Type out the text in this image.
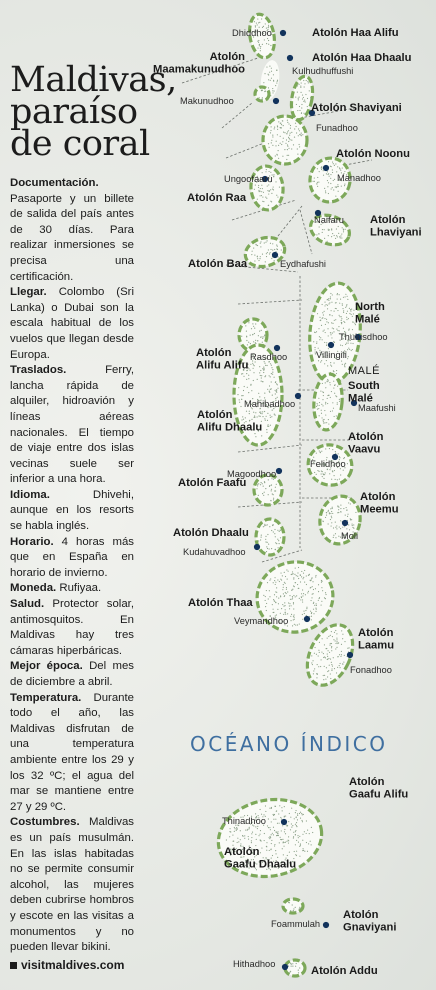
Maldivas,
paraíso
de coral

Documentación. Pasaporte y un billete de salida del país antes de 30 días. Para realizar inmersiones se precisa una certificación.

Llegar. Colombo (Sri Lanka) o Dubai son la escala habitual de los vuelos que llegan desde Europa.

Traslados. Ferry, lancha rápida de alquiler, hidroavión y líneas aéreas nacionales. El tiempo de viaje entre dos islas vecinas suele ser inferior a una hora.

Idioma. Dhivehi, aunque en los resorts se habla inglés.

Horario. 4 horas más que en España en horario de invierno.

Moneda. Rufiyaa.

Salud. Protector solar, antimosquitos. En Maldivas hay tres cámaras hiperbáricas.

Mejor época. Del mes de diciembre a abril.

Temperatura. Durante todo el año, las Maldivas disfrutan de una temperatura ambiente entre los 29 y los 32 ºC; el agua del mar se mantiene entre 27 y 29 ºC.

Costumbres. Maldivas es un país musulmán. En las islas habitadas no se permite consumir alcohol, las mujeres deben cubrirse hombros y escote en las visitas a monumentos y no pueden llevar bikini.

visitmaldives.com

Dhiddhoo
Kulhudhuffushi
Makunudhoo
Funadhoo
Ungoofaaru	Manadhoo
Naifaru
Eydhafushi
Thulusdhoo
Rasdhoo	Villingili
Mahibadhoo	Maafushi
Felidhoo
Magoodhoo
Kudahuvadhoo
Moli
Veymandhoo
Fonadhoo
Thinadhoo
Foammulah
Hithadhoo
Atolón Haa Alifu
Atolón Haa Dhaalu
Atolón Maamakunudhoo
Atolón Shaviyani
Atolón Noonu
Atolón Raa
Atolón Lhaviyani
Atolón Baa
North Malé
Atolón Alifu Alifu
Atolón Alifu Dhaalu
South Malé
Atolón Vaavu
Atolón Faafu
Atolón Meemu
Atolón Dhaalu
Atolón Thaa
Atolón Laamu
Atolón Gaafu Alifu
Atolón Gaafu Dhaalu
Atolón Gnaviyani
Atolón Addu
MALÉ
OCÉANO ÍNDICO
